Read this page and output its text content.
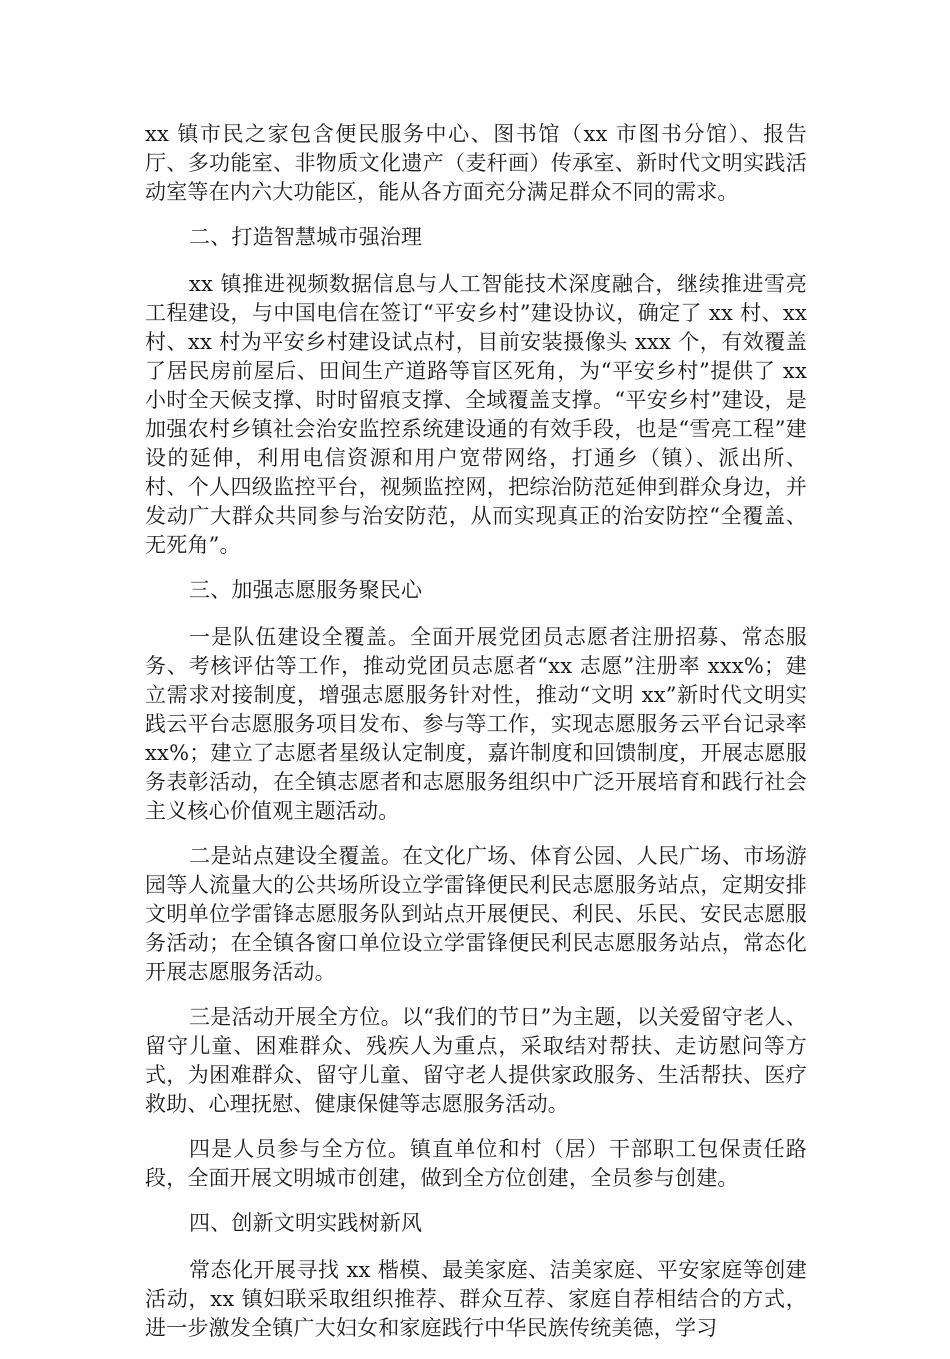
xx 镇市民之家包含便民服务中心、图书馆（xx 市图书分馆）、报告厅、多功能室、非物质文化遗产（麦秆画）传承室、新时代文明实践活动室等在内六大功能区，能从各方面充分满足群众不同的需求。

二、打造智慧城市强治理

xx 镇推进视频数据信息与人工智能技术深度融合，继续推进雪亮工程建设，与中国电信在签订“平安乡村”建设协议，确定了 xx 村、xx 村、xx 村为平安乡村建设试点村，目前安装摄像头 xxx 个，有效覆盖了居民房前屋后、田间生产道路等盲区死角，为“平安乡村”提供了 xx 小时全天候支撑、时时留痕支撑、全域覆盖支撑。“平安乡村”建设，是加强农村乡镇社会治安监控系统建设通的有效手段，也是“雪亮工程”建设的延伸，利用电信资源和用户宽带网络，打通乡（镇）、派出所、村、个人四级监控平台，视频监控网，把综治防范延伸到群众身边，并发动广大群众共同参与治安防范，从而实现真正的治安防控“全覆盖、无死角”。

三、加强志愿服务聚民心

一是队伍建设全覆盖。全面开展党团员志愿者注册招募、常态服务、考核评估等工作，推动党团员志愿者“xx 志愿”注册率 xxx%；建立需求对接制度，增强志愿服务针对性，推动“文明 xx”新时代文明实践云平台志愿服务项目发布、参与等工作，实现志愿服务云平台记录率 xx%；建立了志愿者星级认定制度，嘉许制度和回馈制度，开展志愿服务表彰活动，在全镇志愿者和志愿服务组织中广泛开展培育和践行社会主义核心价值观主题活动。

二是站点建设全覆盖。在文化广场、体育公园、人民广场、市场游园等人流量大的公共场所设立学雷锋便民利民志愿服务站点，定期安排文明单位学雷锋志愿服务队到站点开展便民、利民、乐民、安民志愿服务活动；在全镇各窗口单位设立学雷锋便民利民志愿服务站点，常态化开展志愿服务活动。

三是活动开展全方位。以“我们的节日”为主题，以关爱留守老人、留守儿童、困难群众、残疾人为重点，采取结对帮扶、走访慰问等方式，为困难群众、留守儿童、留守老人提供家政服务、生活帮扶、医疗救助、心理抚慰、健康保健等志愿服务活动。

四是人员参与全方位。镇直单位和村（居）干部职工包保责任路段，全面开展文明城市创建，做到全方位创建，全员参与创建。

四、创新文明实践树新风

常态化开展寻找 xx 楷模、最美家庭、洁美家庭、平安家庭等创建活动，xx 镇妇联采取组织推荐、群众互荐、家庭自荐相结合的方式，进一步激发全镇广大妇女和家庭践行中华民族传统美德，学习
